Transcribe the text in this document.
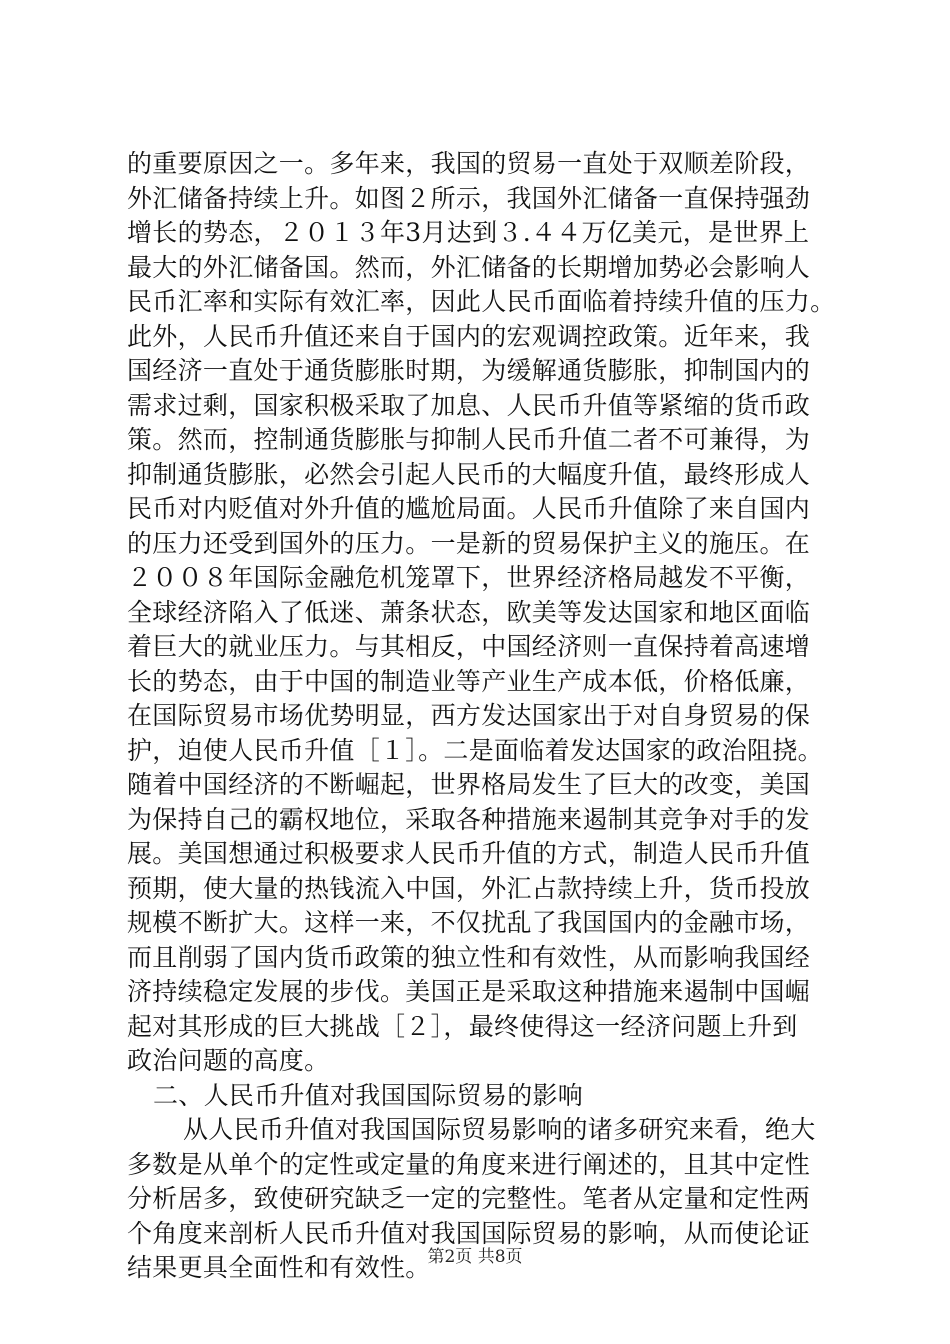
的重要原因之一。多年来，我国的贸易一直处于双顺差阶段，
外汇储备持续上升。如图２所示，我国外汇储备一直保持强劲
增长的势态，２０１３年3月达到３.４４万亿美元，是世界上
最大的外汇储备国。然而，外汇储备的长期增加势必会影响人
民币汇率和实际有效汇率，因此人民币面临着持续升值的压力。
此外，人民币升值还来自于国内的宏观调控政策。近年来，我
国经济一直处于通货膨胀时期，为缓解通货膨胀，抑制国内的
需求过剩，国家积极采取了加息、人民币升值等紧缩的货币政
策。然而，控制通货膨胀与抑制人民币升值二者不可兼得，为
抑制通货膨胀，必然会引起人民币的大幅度升值，最终形成人
民币对内贬值对外升值的尴尬局面。人民币升值除了来自国内
的压力还受到国外的压力。一是新的贸易保护主义的施压。在
２００８年国际金融危机笼罩下，世界经济格局越发不平衡，
全球经济陷入了低迷、萧条状态，欧美等发达国家和地区面临
着巨大的就业压力。与其相反，中国经济则一直保持着高速增
长的势态，由于中国的制造业等产业生产成本低，价格低廉，
在国际贸易市场优势明显，西方发达国家出于对自身贸易的保
护，迫使人民币升值［１］。二是面临着发达国家的政治阻挠。
随着中国经济的不断崛起，世界格局发生了巨大的改变，美国
为保持自己的霸权地位，采取各种措施来遏制其竞争对手的发
展。美国想通过积极要求人民币升值的方式，制造人民币升值
预期，使大量的热钱流入中国，外汇占款持续上升，货币投放
规模不断扩大。这样一来，不仅扰乱了我国国内的金融市场，
而且削弱了国内货币政策的独立性和有效性，从而影响我国经
济持续稳定发展的步伐。美国正是采取这种措施来遏制中国崛
起对其形成的巨大挑战［２］，最终使得这一经济问题上升到
政治问题的高度。
二、人民币升值对我国国际贸易的影响
从人民币升值对我国国际贸易影响的诸多研究来看，绝大
多数是从单个的定性或定量的角度来进行阐述的，且其中定性
分析居多，致使研究缺乏一定的完整性。笔者从定量和定性两
个角度来剖析人民币升值对我国国际贸易的影响，从而使论证
结果更具全面性和有效性。
第2页 共8页
